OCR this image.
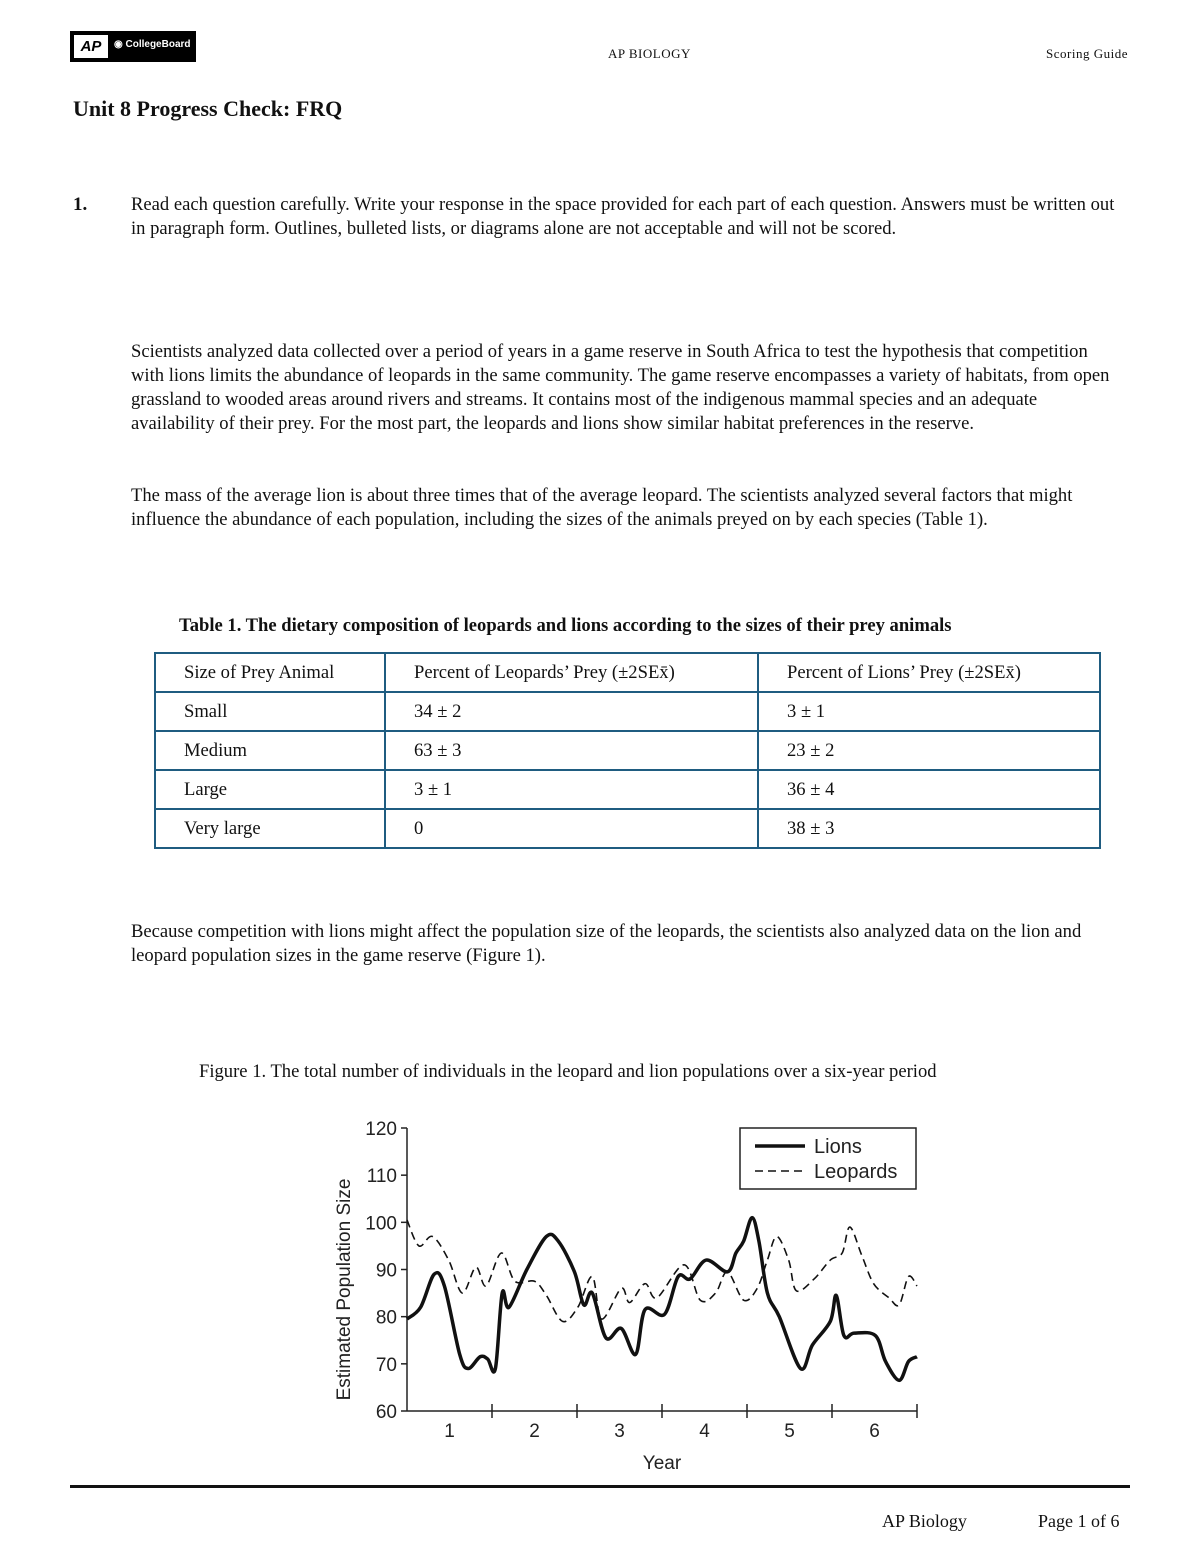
AP	◉ CollegeBoard
AP BIOLOGY	Scoring Guide
Unit 8 Progress Check: FRQ
1. Read each question carefully. Write your response in the space provided for each part of each question. Answers must be written out in paragraph form. Outlines, bulleted lists, or diagrams alone are not acceptable and will not be scored.
Scientists analyzed data collected over a period of years in a game reserve in South Africa to test the hypothesis that competition with lions limits the abundance of leopards in the same community. The game reserve encompasses a variety of habitats, from open grassland to wooded areas around rivers and streams. It contains most of the indigenous mammal species and an adequate availability of their prey. For the most part, the leopards and lions show similar habitat preferences in the reserve.
The mass of the average lion is about three times that of the average leopard. The scientists analyzed several factors that might influence the abundance of each population, including the sizes of the animals preyed on by each species (Table 1).
Table 1. The dietary composition of leopards and lions according to the sizes of their prey animals
Size of Prey Animal	Percent of Leopards’ Prey (±2SEx̄)	Percent of Lions’ Prey (±2SEx̄)
Small	34 ± 2	3 ± 1
Medium	63 ± 3	23 ± 2
Large	3 ± 1	36 ± 4
Very large	0	38 ± 3
Because competition with lions might affect the population size of the leopards, the scientists also analyzed data on the lion and leopard population sizes in the game reserve (Figure 1).
Figure 1. The total number of individuals in the leopard and lion populations over a six-year period
60
70
80
90
100
110
120
1	2	3	4	5	6
Year
Estimated Population Size
Lions
Leopards
AP Biology	Page 1 of 6
